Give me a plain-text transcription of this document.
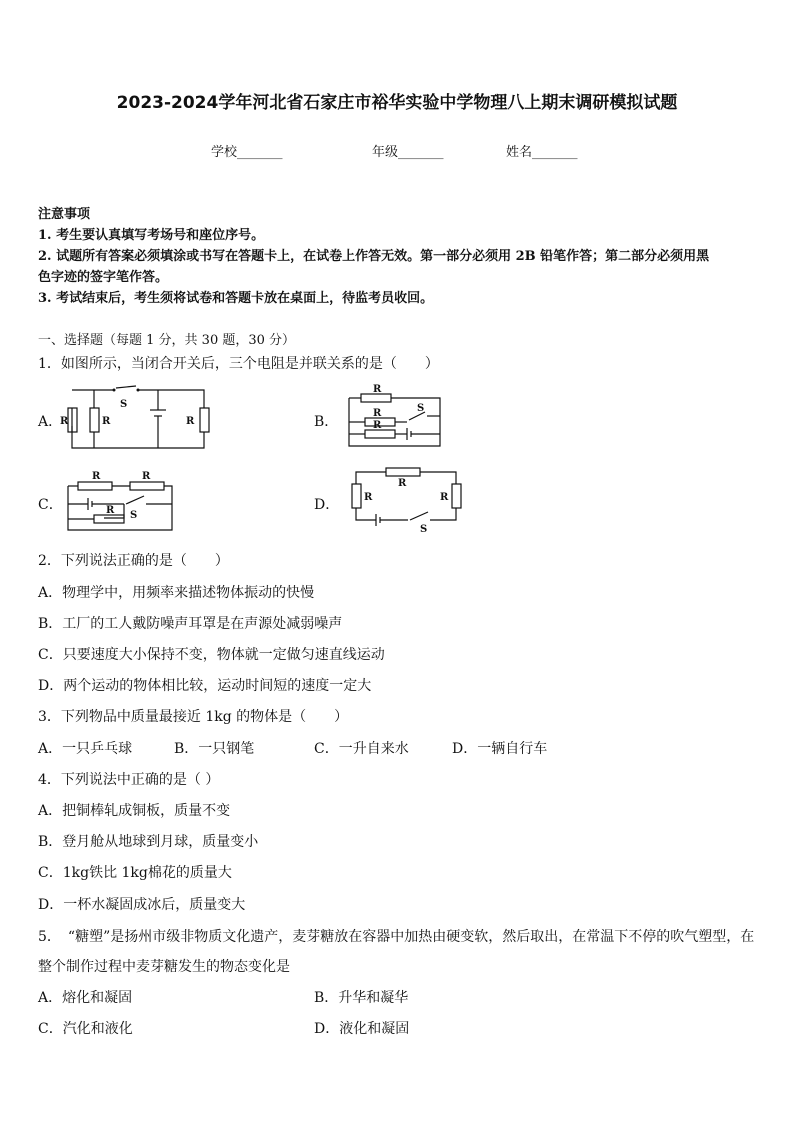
2023-2024学年河北省石家庄市裕华实验中学物理八上期末调研模拟试题
学校_______	年级_______	姓名_______
注意事项
1. 考生要认真填写考场号和座位序号。
2. 试题所有答案必须填涂或书写在答题卡上，在试卷上作答无效。第一部分必须用 2B 铅笔作答；第二部分必须用黑
色字迹的签字笔作答。
3. 考试结束后，考生须将试卷和答题卡放在桌面上，待监考员收回。
一、选择题（每题 1 分，共 30 题，30 分）
1．如图所示，当闭合开关后，三个电阻是并联关系的是（　　）
A．	B．
C．	D．
R	R	R
S
R
R
R
S
R	R
S
R
R
R
R
S
2．下列说法正确的是（　　）
A．物理学中，用频率来描述物体振动的快慢
B．工厂的工人戴防噪声耳罩是在声源处减弱噪声
C．只要速度大小保持不变，物体就一定做匀速直线运动
D．两个运动的物体相比较，运动时间短的速度一定大
3．下列物品中质量最接近 1kg 的物体是（　　）
A．一只乒乓球	B．一只钢笔	C．一升自来水	D．一辆自行车
4．下列说法中正确的是（ ）
A．把铜棒轧成铜板，质量不变
B．登月舱从地球到月球，质量变小
C．1kg铁比 1kg棉花的质量大
D．一杯水凝固成冰后，质量变大
5．　“糖塑”是扬州市级非物质文化遗产，麦芽糖放在容器中加热由硬变软，然后取出，在常温下不停的吹气塑型，在
整个制作过程中麦芽糖发生的物态变化是
A．熔化和凝固	B．升华和凝华
C．汽化和液化	D．液化和凝固
